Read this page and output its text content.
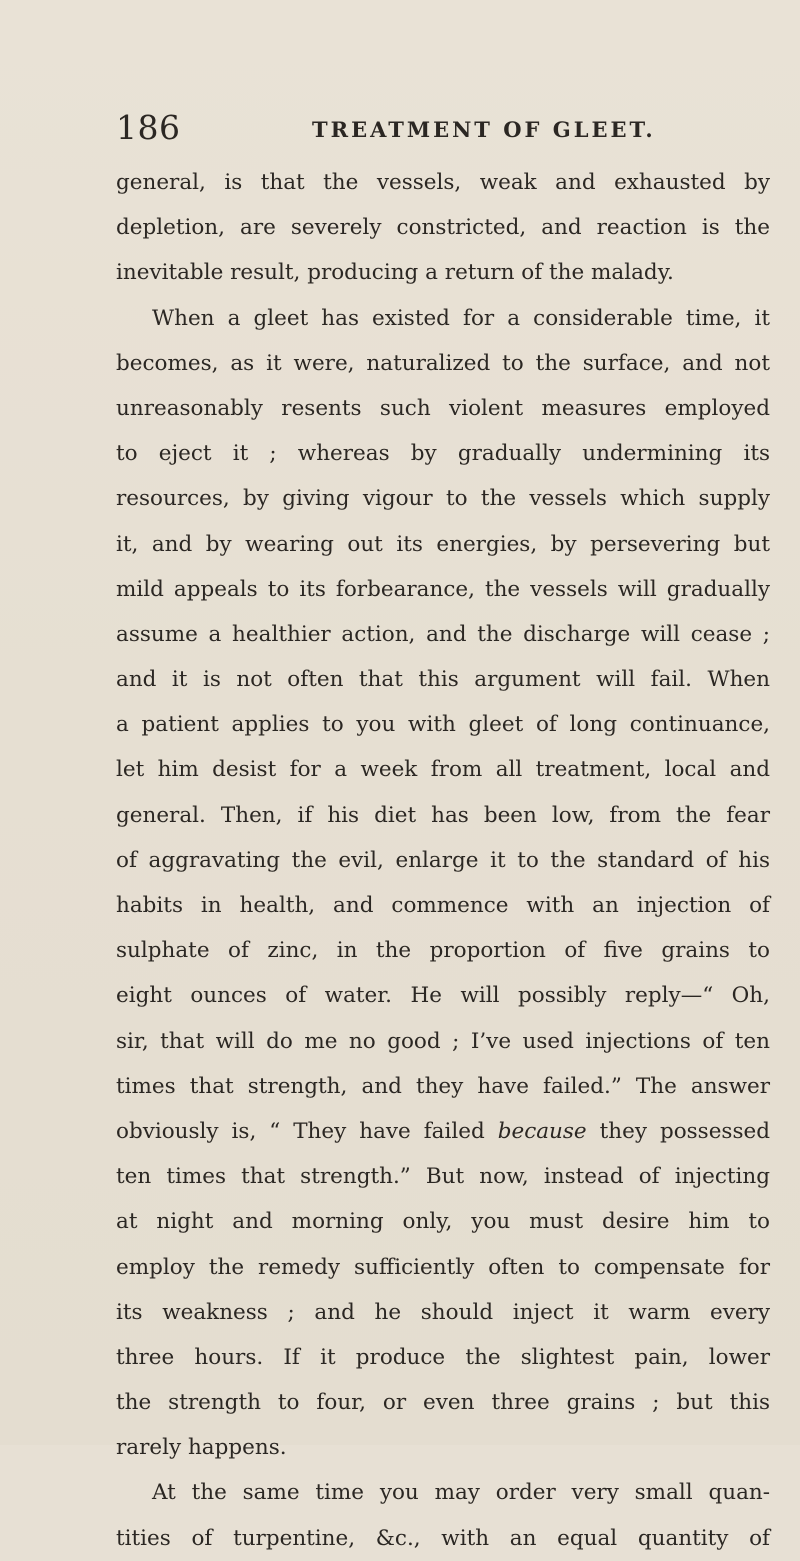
186	TREATMENT OF GLEET.
general, is that the vessels, weak and exhausted by
depletion, are severely constricted, and reaction is the
inevitable result, producing a return of the malady.
When a gleet has existed for a considerable time, it
becomes, as it were, naturalized to the surface, and not
unreasonably resents such violent measures employed
to eject it ; whereas by gradually undermining its
resources, by giving vigour to the vessels which supply
it, and by wearing out its energies, by persevering but
mild appeals to its forbearance, the vessels will gradually
assume a healthier action, and the discharge will cease ;
and it is not often that this argument will fail. When
a patient applies to you with gleet of long continuance,
let him desist for a week from all treatment, local and
general. Then, if his diet has been low, from the fear
of aggravating the evil, enlarge it to the standard of his
habits in health, and commence with an injection of
sulphate of zinc, in the proportion of five grains to
eight ounces of water. He will possibly reply—“ Oh,
sir, that will do me no good ; I’ve used injections of ten
times that strength, and they have failed.” The answer
obviously is, “ They have failed because they possessed
ten times that strength.” But now, instead of injecting
at night and morning only, you must desire him to
employ the remedy sufficiently often to compensate for
its weakness ; and he should inject it warm every
three hours. If it produce the slightest pain, lower
the strength to four, or even three grains ; but this
rarely happens.
At the same time you may order very small quan-
tities of turpentine, &c., with an equal quantity of
